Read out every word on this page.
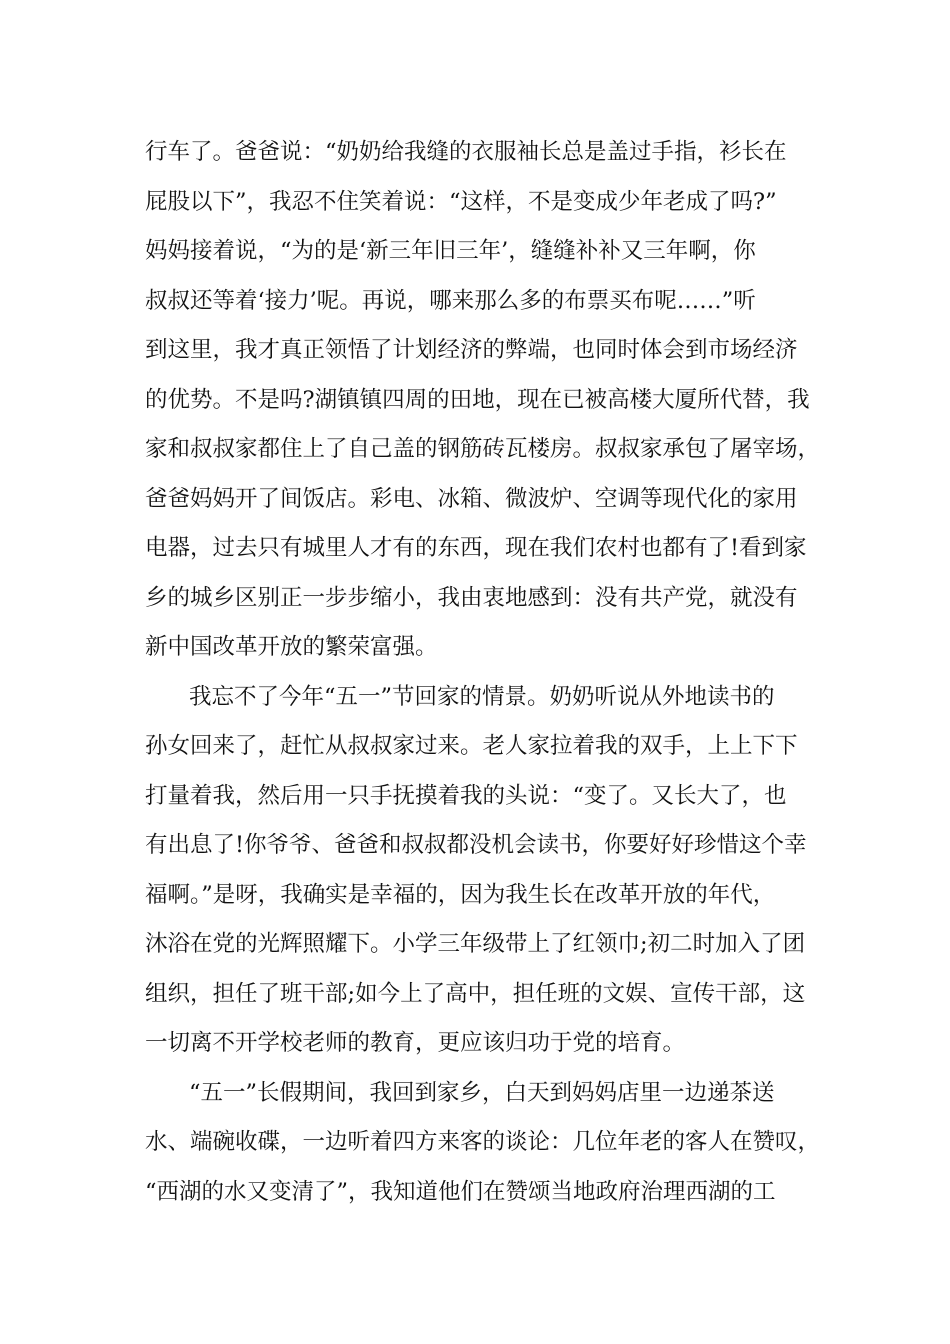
行车了。爸爸说：“奶奶给我缝的衣服袖长总是盖过手指，衫长在
屁股以下”，我忍不住笑着说：“这样，不是变成少年老成了吗?”
妈妈接着说，“为的是‘新三年旧三年’，缝缝补补又三年啊，你
叔叔还等着‘接力’呢。再说，哪来那么多的布票买布呢……”听
到这里，我才真正领悟了计划经济的弊端，也同时体会到市场经济
的优势。不是吗?湖镇镇四周的田地，现在已被高楼大厦所代替，我
家和叔叔家都住上了自己盖的钢筋砖瓦楼房。叔叔家承包了屠宰场，
爸爸妈妈开了间饭店。彩电、冰箱、微波炉、空调等现代化的家用
电器，过去只有城里人才有的东西，现在我们农村也都有了!看到家
乡的城乡区别正一步步缩小，我由衷地感到：没有共产党，就没有
新中国改革开放的繁荣富强。
我忘不了今年“五一”节回家的情景。奶奶听说从外地读书的
孙女回来了，赶忙从叔叔家过来。老人家拉着我的双手，上上下下
打量着我，然后用一只手抚摸着我的头说：“变了。又长大了，也
有出息了!你爷爷、爸爸和叔叔都没机会读书，你要好好珍惜这个幸
福啊。”是呀，我确实是幸福的，因为我生长在改革开放的年代，
沐浴在党的光辉照耀下。小学三年级带上了红领巾;初二时加入了团
组织，担任了班干部;如今上了高中，担任班的文娱、宣传干部，这
一切离不开学校老师的教育，更应该归功于党的培育。
“五一”长假期间，我回到家乡，白天到妈妈店里一边递茶送
水、端碗收碟，一边听着四方来客的谈论：几位年老的客人在赞叹，
“西湖的水又变清了”，我知道他们在赞颂当地政府治理西湖的工
